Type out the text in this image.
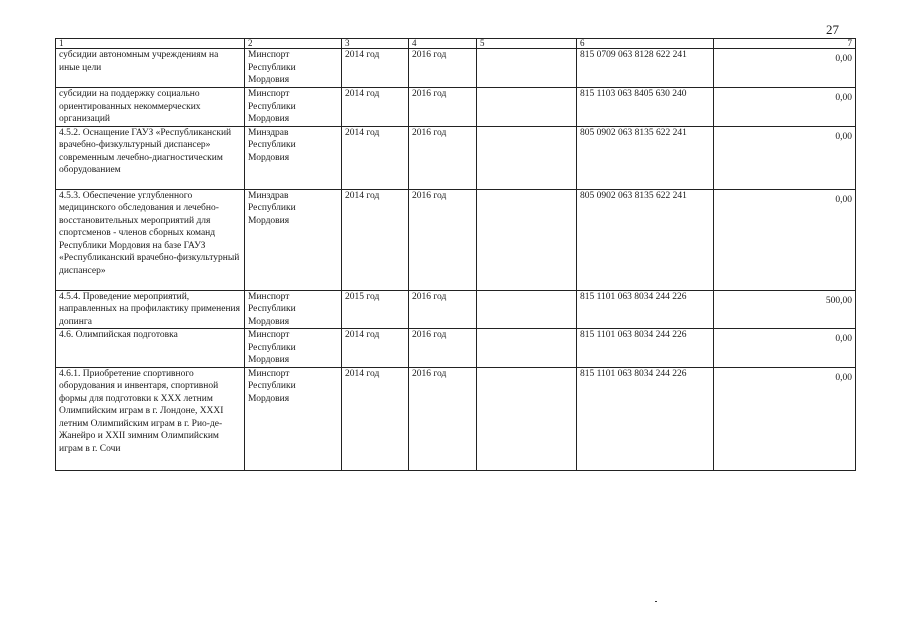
27
1	2	3	4	5	6	7
субсидии автономным учреждениям на иные цели	Минспорт Республики Мордовия	2014 год	2016 год		815 0709 063 8128 622 241	0,00
субсидии на поддержку социально ориентированных некоммерческих организаций	Минспорт Республики Мордовия	2014 год	2016 год		815 1103 063 8405 630 240	0,00
4.5.2. Оснащение ГАУЗ «Республиканский врачебно-физкультурный диспансер» современным лечебно-диагностическим оборудованием	Минздрав Республики Мордовия	2014 год	2016 год		805 0902 063 8135 622 241	0,00
4.5.3. Обеспечение углубленного медицинского обследования и лечебно-восстановительных мероприятий для спортсменов - членов сборных команд Республики Мордовия на базе ГАУЗ «Республиканский врачебно-физкультурный диспансер»	Минздрав Республики Мордовия	2014 год	2016 год		805 0902 063 8135 622 241	0,00
4.5.4. Проведение мероприятий, направленных на профилактику применения допинга	Минспорт Республики Мордовия	2015 год	2016 год		815 1101 063 8034 244 226	500,00
4.6. Олимпийская подготовка	Минспорт Республики Мордовия	2014 год	2016 год		815 1101 063 8034 244 226	0,00
4.6.1. Приобретение спортивного оборудования и инвентаря, спортивной формы для подготовки к XXX летним Олимпийским играм в г. Лондоне, XXXI летним Олимпийским играм в г. Рио-де-Жанейро и XXII зимним Олимпийским играм в г. Сочи	Минспорт Республики Мордовия	2014 год	2016 год		815 1101 063 8034 244 226	0,00
